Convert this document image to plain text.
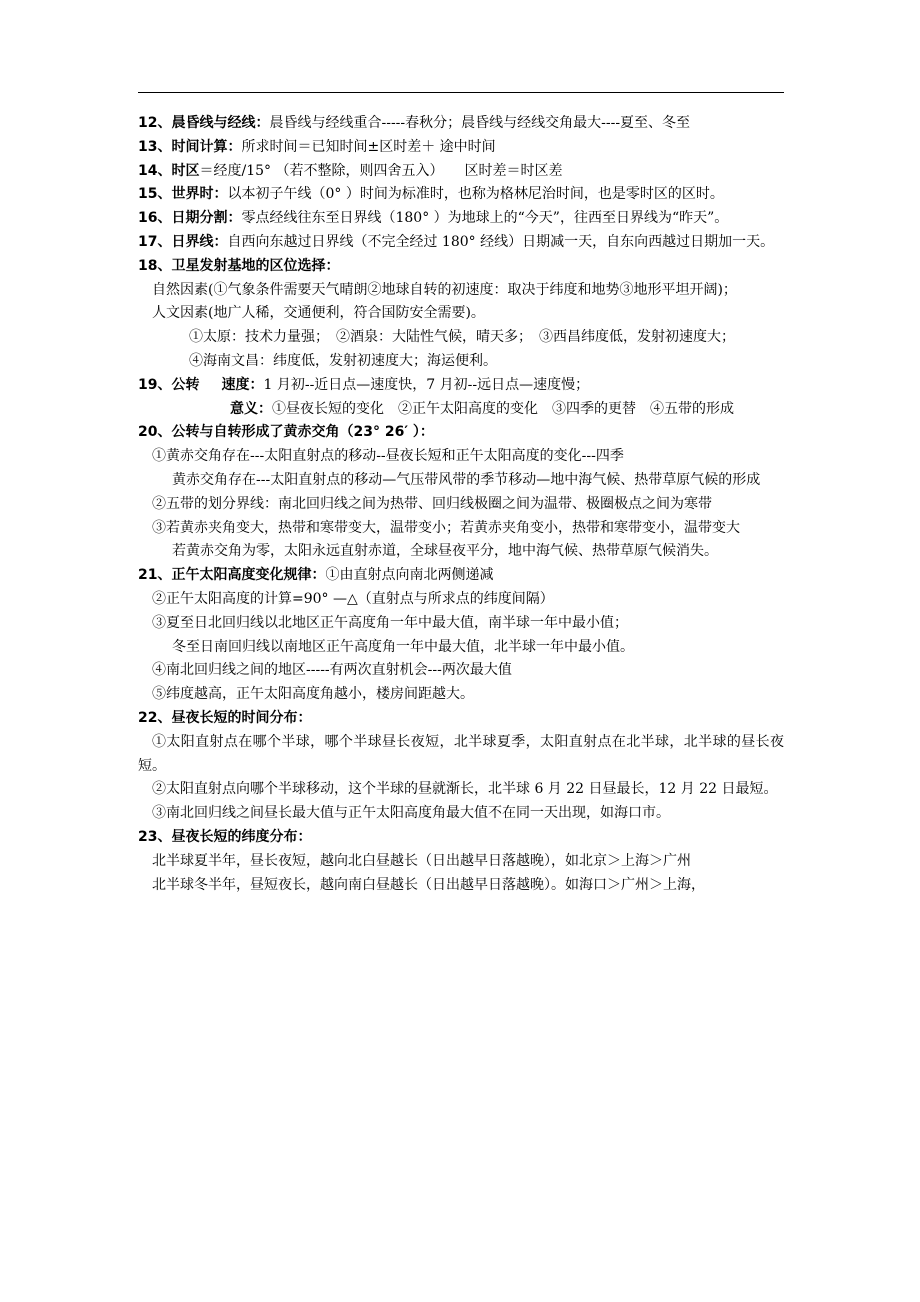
12、晨昏线与经线：晨昏线与经线重合-----春秋分；晨昏线与经线交角最大----夏至、冬至

13、时间计算：所求时间＝已知时间±区时差＋ 途中时间

14、时区＝经度/15° （若不整除，则四舍五入）　　区时差＝时区差

15、世界时：以本初子午线（0° ）时间为标准时，也称为格林尼治时间，也是零时区的区时。

16、日期分割：零点经线往东至日界线（180° ）为地球上的“今天”，往西至日界线为“昨天”。

17、日界线：自西向东越过日界线（不完全经过 180° 经线）日期减一天，自东向西越过日期加一天。

18、卫星发射基地的区位选择：

自然因素(①气象条件需要天气晴朗②地球自转的初速度：取决于纬度和地势③地形平坦开阔)；

人文因素(地广人稀，交通便利，符合国防安全需要)。

①太原：技术力量强；　②酒泉：大陆性气候，晴天多；　③西昌纬度低，发射初速度大；

④海南文昌：纬度低，发射初速度大；海运便利。

19、公转 速度：1 月初--近日点—速度快，7 月初--远日点—速度慢；

意义：①昼夜长短的变化　②正午太阳高度的变化　③四季的更替　④五带的形成

20、公转与自转形成了黄赤交角（23° 26′ ）：

①黄赤交角存在---太阳直射点的移动--昼夜长短和正午太阳高度的变化---四季

黄赤交角存在---太阳直射点的移动—气压带风带的季节移动—地中海气候、热带草原气候的形成

②五带的划分界线：南北回归线之间为热带、回归线极圈之间为温带、极圈极点之间为寒带

③若黄赤夹角变大，热带和寒带变大，温带变小；若黄赤夹角变小，热带和寒带变小，温带变大

若黄赤交角为零，太阳永远直射赤道，全球昼夜平分，地中海气候、热带草原气候消失。

21、正午太阳高度变化规律：①由直射点向南北两侧递减

②正午太阳高度的计算=90° —△（直射点与所求点的纬度间隔）

③夏至日北回归线以北地区正午高度角一年中最大值，南半球一年中最小值；

冬至日南回归线以南地区正午高度角一年中最大值，北半球一年中最小值。

④南北回归线之间的地区-----有两次直射机会---两次最大值

⑤纬度越高，正午太阳高度角越小，楼房间距越大。

22、昼夜长短的时间分布：

①太阳直射点在哪个半球，哪个半球昼长夜短，北半球夏季，太阳直射点在北半球，北半球的昼长夜短。

②太阳直射点向哪个半球移动，这个半球的昼就渐长，北半球 6 月 22 日昼最长，12 月 22 日最短。

③南北回归线之间昼长最大值与正午太阳高度角最大值不在同一天出现，如海口市。

23、昼夜长短的纬度分布：

北半球夏半年，昼长夜短，越向北白昼越长（日出越早日落越晚），如北京＞上海＞广州

北半球冬半年，昼短夜长，越向南白昼越长（日出越早日落越晚）。如海口＞广州＞上海，
